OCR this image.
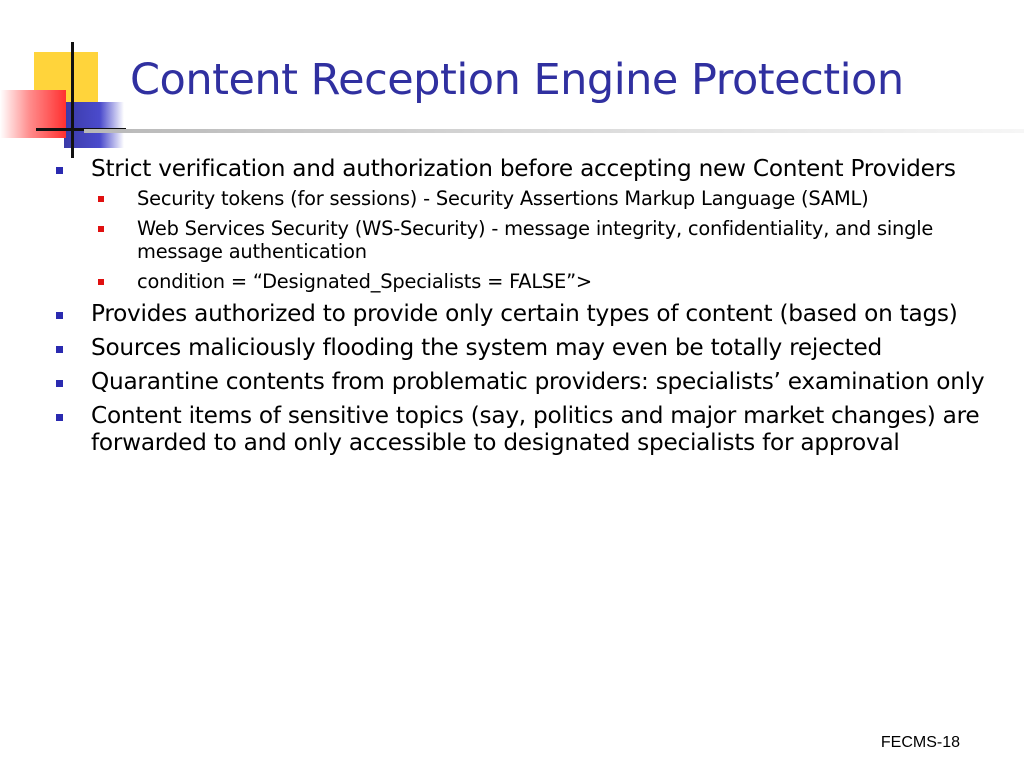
Content Reception Engine Protection
Strict verification and authorization before accepting new Content Providers
Security tokens (for sessions) - Security Assertions Markup Language (SAML)
Web Services Security (WS-Security) - message integrity, confidentiality, and single message authentication
condition = “Designated_Specialists = FALSE”>
Provides authorized to provide only certain types of content (based on tags)
Sources maliciously flooding the system may even be totally rejected
Quarantine contents from problematic providers: specialists’ examination only
Content items of sensitive topics (say, politics and major market changes) are forwarded to and only accessible to designated specialists for approval
FECMS-18
